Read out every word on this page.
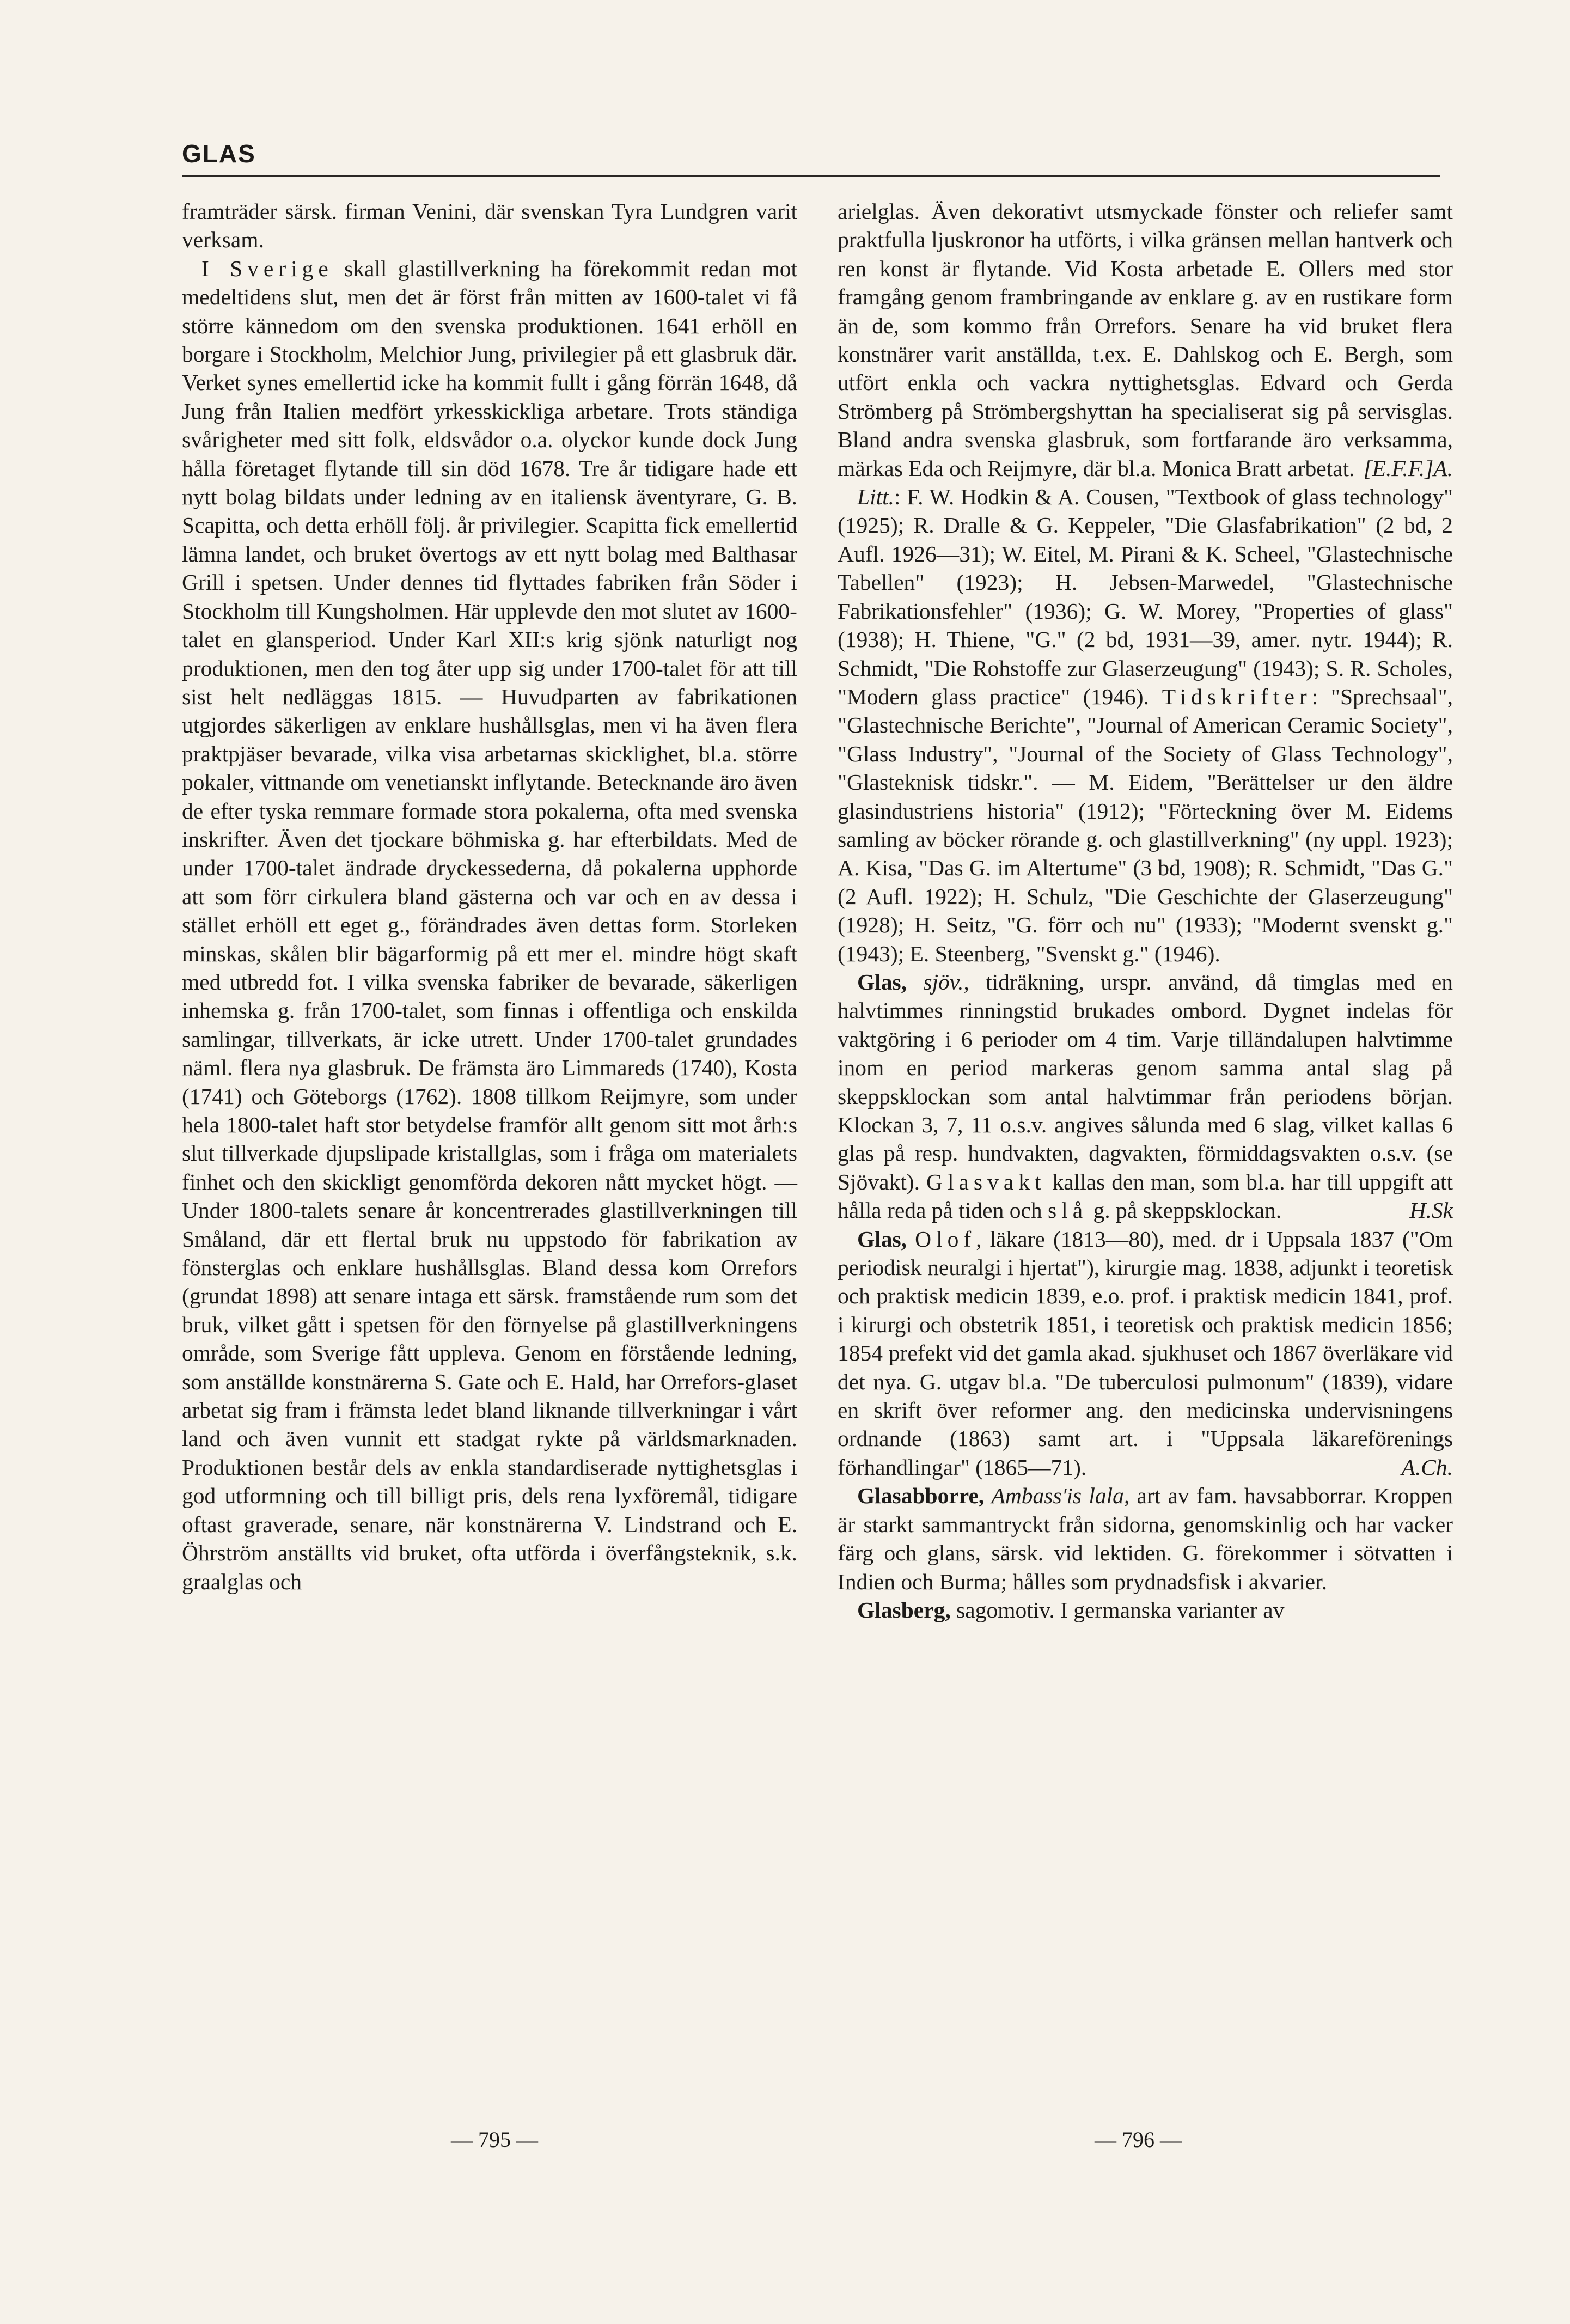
GLAS

framträder särsk. firman Venini, där svenskan Tyra Lundgren varit verksam.

I Sverige skall glastillverkning ha förekommit redan mot medeltidens slut, men det är först från mitten av 1600-talet vi få större kännedom om den svenska produktionen. 1641 erhöll en borgare i Stockholm, Melchior Jung, privilegier på ett glasbruk där. Verket synes emellertid icke ha kommit fullt i gång förrän 1648, då Jung från Italien medfört yrkesskickliga arbetare. Trots ständiga svårigheter med sitt folk, eldsvådor o.a. olyckor kunde dock Jung hålla företaget flytande till sin död 1678. Tre år tidigare hade ett nytt bolag bildats under ledning av en italiensk äventyrare, G. B. Scapitta, och detta erhöll följ. år privilegier. Scapitta fick emellertid lämna landet, och bruket övertogs av ett nytt bolag med Balthasar Grill i spetsen. Under dennes tid flyttades fabriken från Söder i Stockholm till Kungsholmen. Här upplevde den mot slutet av 1600-talet en glansperiod. Under Karl XII:s krig sjönk naturligt nog produktionen, men den tog åter upp sig under 1700-talet för att till sist helt nedläggas 1815. — Huvudparten av fabrikationen utgjordes säkerligen av enklare hushållsglas, men vi ha även flera praktpjäser bevarade, vilka visa arbetarnas skicklighet, bl.a. större pokaler, vittnande om venetianskt inflytande. Betecknande äro även de efter tyska remmare formade stora pokalerna, ofta med svenska inskrifter. Även det tjockare böhmiska g. har efterbildats. Med de under 1700-talet ändrade dryckessederna, då pokalerna upphorde att som förr cirkulera bland gästerna och var och en av dessa i stället erhöll ett eget g., förändrades även dettas form. Storleken minskas, skålen blir bägarformig på ett mer el. mindre högt skaft med utbredd fot. I vilka svenska fabriker de bevarade, säkerligen inhemska g. från 1700-talet, som finnas i offentliga och enskilda samlingar, tillverkats, är icke utrett. Under 1700-talet grundades näml. flera nya glasbruk. De främsta äro Limmareds (1740), Kosta (1741) och Göteborgs (1762). 1808 tillkom Reijmyre, som under hela 1800-talet haft stor betydelse framför allt genom sitt mot årh:s slut tillverkade djupslipade kristallglas, som i fråga om materialets finhet och den skickligt genomförda dekoren nått mycket högt. — Under 1800-talets senare år koncentrerades glastillverkningen till Småland, där ett flertal bruk nu uppstodo för fabrikation av fönsterglas och enklare hushållsglas. Bland dessa kom Orrefors (grundat 1898) att senare intaga ett särsk. framstående rum som det bruk, vilket gått i spetsen för den förnyelse på glastillverkningens område, som Sverige fått uppleva. Genom en förstående ledning, som anställde konstnärerna S. Gate och E. Hald, har Orrefors-glaset arbetat sig fram i främsta ledet bland liknande tillverkningar i vårt land och även vunnit ett stadgat rykte på världsmarknaden. Produktionen består dels av enkla standardiserade nyttighetsglas i god utformning och till billigt pris, dels rena lyxföremål, tidigare oftast graverade, senare, när konstnärerna V. Lindstrand och E. Öhrström anställts vid bruket, ofta utförda i överfångsteknik, s.k. graalglas och

arielglas. Även dekorativt utsmyckade fönster och reliefer samt praktfulla ljuskronor ha utförts, i vilka gränsen mellan hantverk och ren konst är flytande. Vid Kosta arbetade E. Ollers med stor framgång genom frambringande av enklare g. av en rustikare form än de, som kommo från Orrefors. Senare ha vid bruket flera konstnärer varit anställda, t.ex. E. Dahlskog och E. Bergh, som utfört enkla och vackra nyttighetsglas. Edvard och Gerda Strömberg på Strömbergshyttan ha specialiserat sig på servisglas. Bland andra svenska glasbruk, som fortfarande äro verksamma, märkas Eda och Reijmyre, där bl.a. Monica Bratt arbetat. [E.F.F.]A.

Litt.: F. W. Hodkin & A. Cousen, "Textbook of glass technology" (1925); R. Dralle & G. Keppeler, "Die Glasfabrikation" (2 bd, 2 Aufl. 1926—31); W. Eitel, M. Pirani & K. Scheel, "Glastechnische Tabellen" (1923); H. Jebsen-Marwedel, "Glastechnische Fabrikationsfehler" (1936); G. W. Morey, "Properties of glass" (1938); H. Thiene, "G." (2 bd, 1931—39, amer. nytr. 1944); R. Schmidt, "Die Rohstoffe zur Glaserzeugung" (1943); S. R. Scholes, "Modern glass practice" (1946). Tidskrifter: "Sprechsaal", "Glastechnische Berichte", "Journal of American Ceramic Society", "Glass Industry", "Journal of the Society of Glass Technology", "Glasteknisk tidskr.". — M. Eidem, "Berättelser ur den äldre glasindustriens historia" (1912); "Förteckning över M. Eidems samling av böcker rörande g. och glastillverkning" (ny uppl. 1923); A. Kisa, "Das G. im Altertume" (3 bd, 1908); R. Schmidt, "Das G." (2 Aufl. 1922); H. Schulz, "Die Geschichte der Glaserzeugung" (1928); H. Seitz, "G. förr och nu" (1933); "Modernt svenskt g." (1943); E. Steenberg, "Svenskt g." (1946).

Glas, sjöv., tidräkning, urspr. använd, då timglas med en halvtimmes rinningstid brukades ombord. Dygnet indelas för vaktgöring i 6 perioder om 4 tim. Varje tilländalupen halvtimme inom en period markeras genom samma antal slag på skeppsklockan som antal halvtimmar från periodens början. Klockan 3, 7, 11 o.s.v. angives sålunda med 6 slag, vilket kallas 6 glas på resp. hundvakten, dagvakten, förmiddagsvakten o.s.v. (se Sjövakt). Glasvakt kallas den man, som bl.a. har till uppgift att hålla reda på tiden och slå g. på skeppsklockan.	H.Sk

Glas, Olof, läkare (1813—80), med. dr i Uppsala 1837 ("Om periodisk neuralgi i hjertat"), kirurgie mag. 1838, adjunkt i teoretisk och praktisk medicin 1839, e.o. prof. i praktisk medicin 1841, prof. i kirurgi och obstetrik 1851, i teoretisk och praktisk medicin 1856; 1854 prefekt vid det gamla akad. sjukhuset och 1867 överläkare vid det nya. G. utgav bl.a. "De tuberculosi pulmonum" (1839), vidare en skrift över reformer ang. den medicinska undervisningens ordnande (1863) samt art. i "Uppsala läkareförenings förhandlingar" (1865—71).	A.Ch.

Glasabborre, Ambass'is lala, art av fam. havsabborrar. Kroppen är starkt sammantryckt från sidorna, genomskinlig och har vacker färg och glans, särsk. vid lektiden. G. förekommer i sötvatten i Indien och Burma; hålles som prydnadsfisk i akvarier.

Glasberg, sagomotiv. I germanska varianter av

— 795 —	— 796 —
